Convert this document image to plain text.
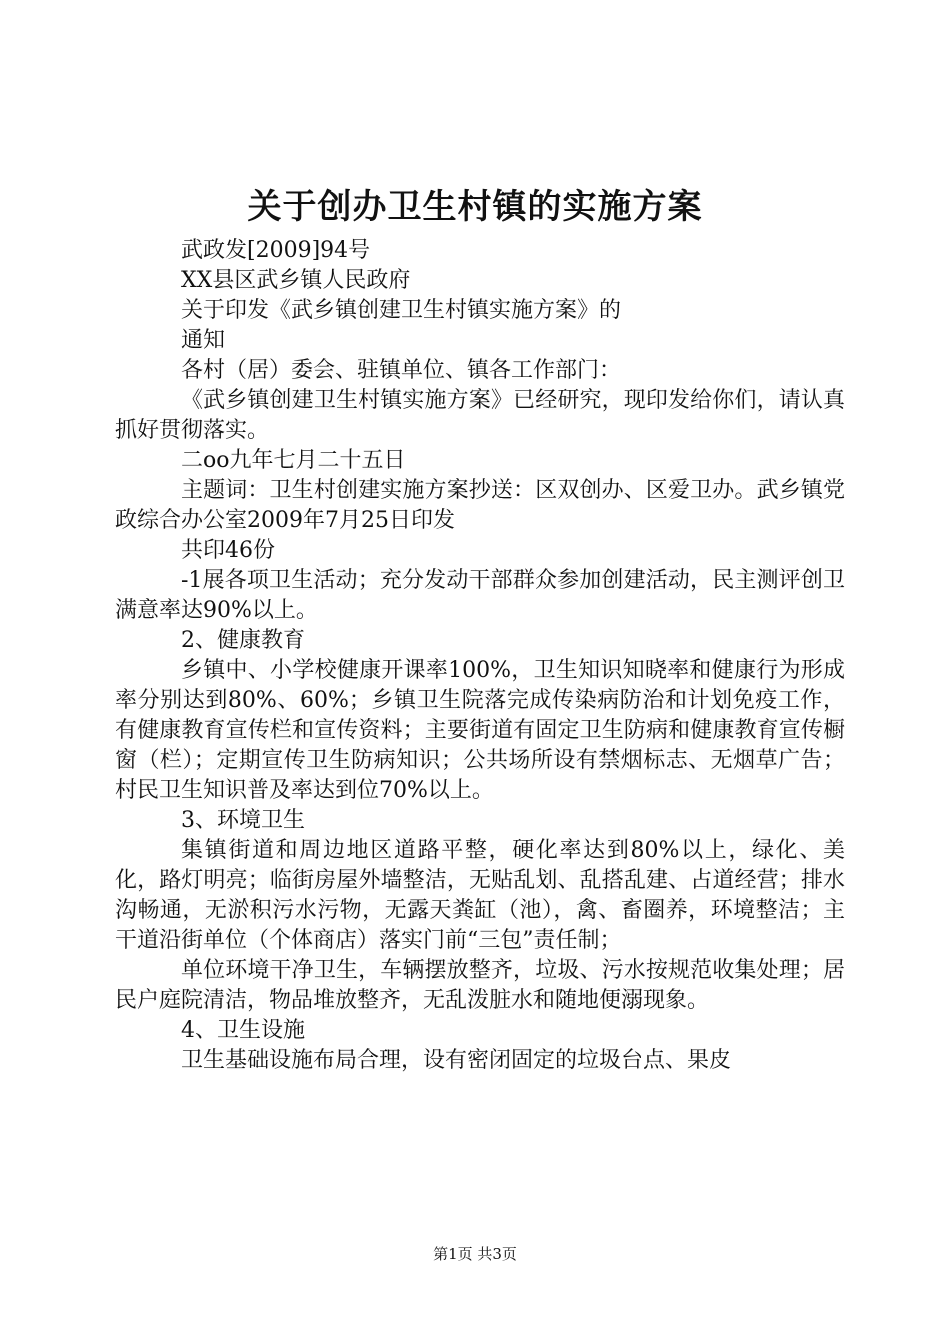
关于创办卫生村镇的实施方案

武政发[2009]94号

XX县区武乡镇人民政府

关于印发《武乡镇创建卫生村镇实施方案》的

通知

各村（居）委会、驻镇单位、镇各工作部门：

《武乡镇创建卫生村镇实施方案》已经研究，现印发给你们，请认真抓好贯彻落实。

二oo九年七月二十五日

主题词：卫生村创建实施方案抄送：区双创办、区爱卫办。武乡镇党政综合办公室2009年7月25日印发

共印46份

-1展各项卫生活动；充分发动干部群众参加创建活动，民主测评创卫满意率达90%以上。

2、健康教育

乡镇中、小学校健康开课率100%，卫生知识知晓率和健康行为形成率分别达到80%、60%；乡镇卫生院落完成传染病防治和计划免疫工作，有健康教育宣传栏和宣传资料；主要街道有固定卫生防病和健康教育宣传橱窗（栏）；定期宣传卫生防病知识；公共场所设有禁烟标志、无烟草广告；村民卫生知识普及率达到位70%以上。

3、环境卫生

集镇街道和周边地区道路平整，硬化率达到80%以上，绿化、美化，路灯明亮；临街房屋外墙整洁，无贴乱划、乱搭乱建、占道经营；排水沟畅通，无淤积污水污物，无露天粪缸（池），禽、畜圈养，环境整洁；主干道沿街单位（个体商店）落实门前“三包”责任制；

单位环境干净卫生，车辆摆放整齐，垃圾、污水按规范收集处理；居民户庭院清洁，物品堆放整齐，无乱泼脏水和随地便溺现象。

4、卫生设施

卫生基础设施布局合理，设有密闭固定的垃圾台点、果皮

第1页 共3页
